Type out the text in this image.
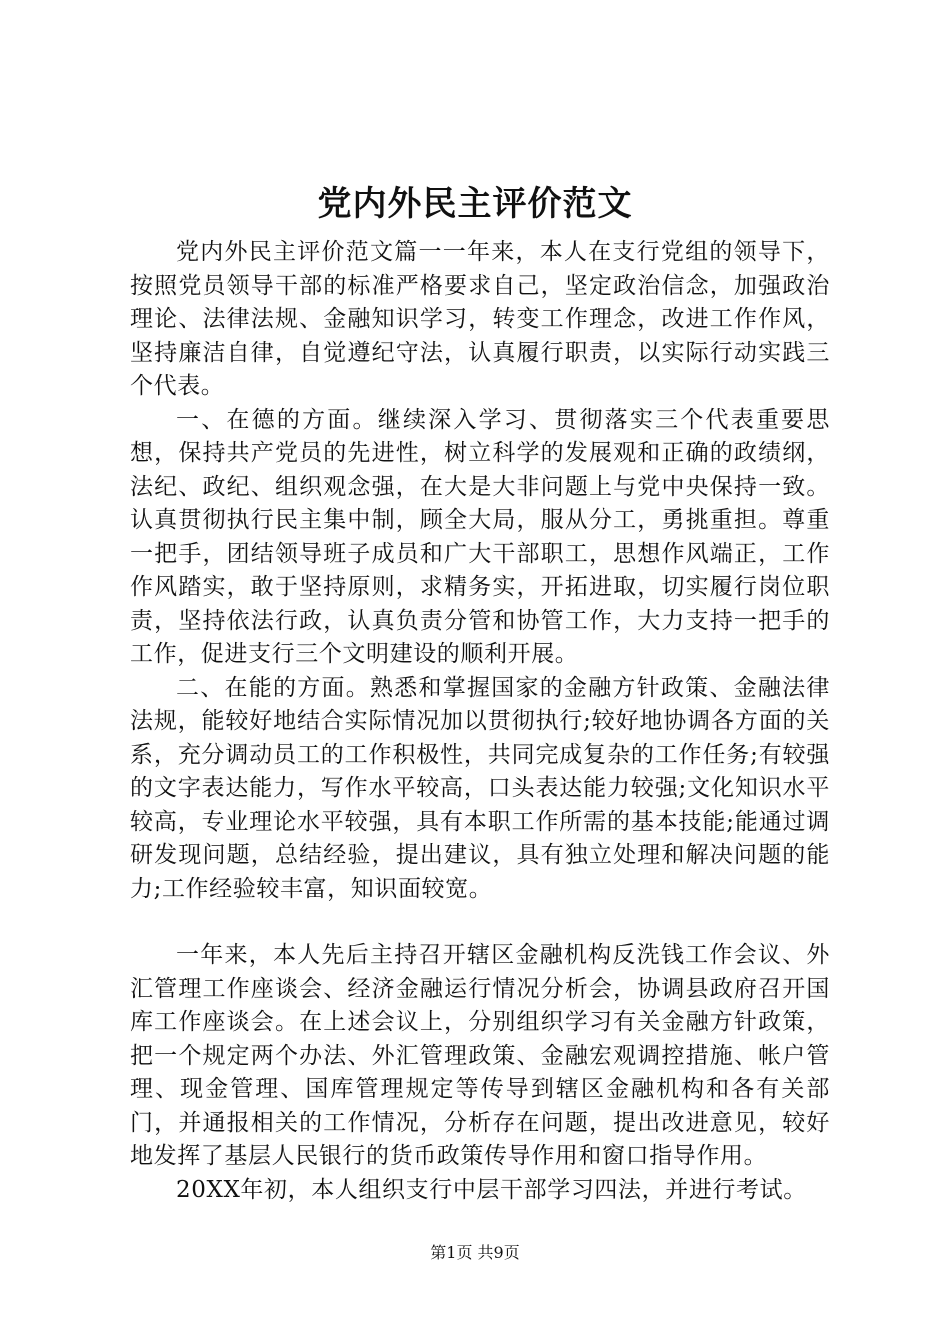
党内外民主评价范文

党内外民主评价范文篇一一年来，本人在支行党组的领导下，按照党员领导干部的标准严格要求自己，坚定政治信念，加强政治理论、法律法规、金融知识学习，转变工作理念，改进工作作风，坚持廉洁自律，自觉遵纪守法，认真履行职责，以实际行动实践三个代表。

一、在德的方面。继续深入学习、贯彻落实三个代表重要思想，保持共产党员的先进性，树立科学的发展观和正确的政绩纲，法纪、政纪、组织观念强，在大是大非问题上与党中央保持一致。认真贯彻执行民主集中制，顾全大局，服从分工，勇挑重担。尊重一把手，团结领导班子成员和广大干部职工，思想作风端正，工作作风踏实，敢于坚持原则，求精务实，开拓进取，切实履行岗位职责，坚持依法行政，认真负责分管和协管工作，大力支持一把手的工作，促进支行三个文明建设的顺利开展。

二、在能的方面。熟悉和掌握国家的金融方针政策、金融法律法规，能较好地结合实际情况加以贯彻执行;较好地协调各方面的关系，充分调动员工的工作积极性，共同完成复杂的工作任务;有较强的文字表达能力，写作水平较高，口头表达能力较强;文化知识水平较高，专业理论水平较强，具有本职工作所需的基本技能;能通过调研发现问题，总结经验，提出建议，具有独立处理和解决问题的能力;工作经验较丰富，知识面较宽。

一年来，本人先后主持召开辖区金融机构反洗钱工作会议、外汇管理工作座谈会、经济金融运行情况分析会，协调县政府召开国库工作座谈会。在上述会议上，分别组织学习有关金融方针政策，把一个规定两个办法、外汇管理政策、金融宏观调控措施、帐户管理、现金管理、国库管理规定等传导到辖区金融机构和各有关部门，并通报相关的工作情况，分析存在问题，提出改进意见，较好地发挥了基层人民银行的货币政策传导作用和窗口指导作用。

20XX年初，本人组织支行中层干部学习四法，并进行考试。

第1页 共9页
